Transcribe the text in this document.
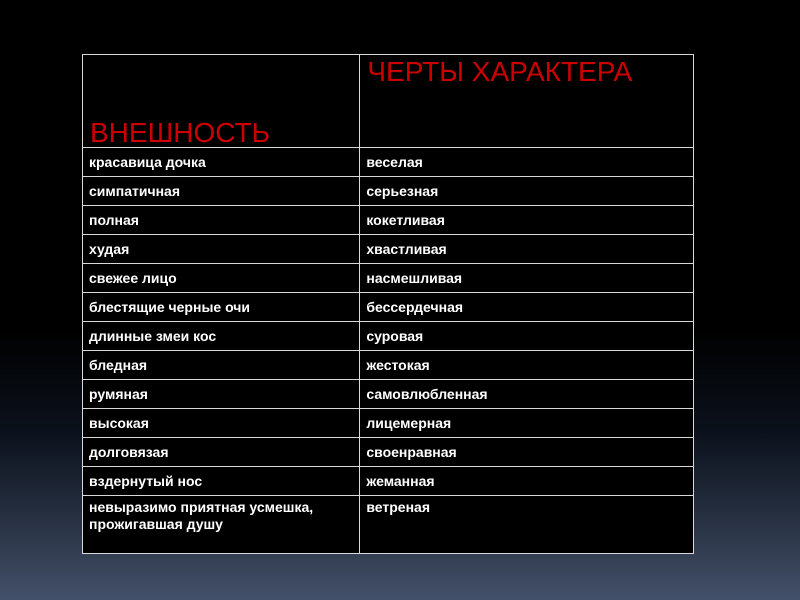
ВНЕШНОСТЬ	ЧЕРТЫ ХАРАКТЕРА
красавица дочка	веселая
симпатичная	серьезная
полная	кокетливая
худая	хвастливая
свежее лицо	насмешливая
блестящие черные очи	бессердечная
длинные змеи кос	суровая
бледная	жестокая
румяная	самовлюбленная
высокая	лицемерная
долговязая	своенравная
вздернутый нос	жеманная
невыразимо приятная усмешка, прожигавшая душу	ветреная
